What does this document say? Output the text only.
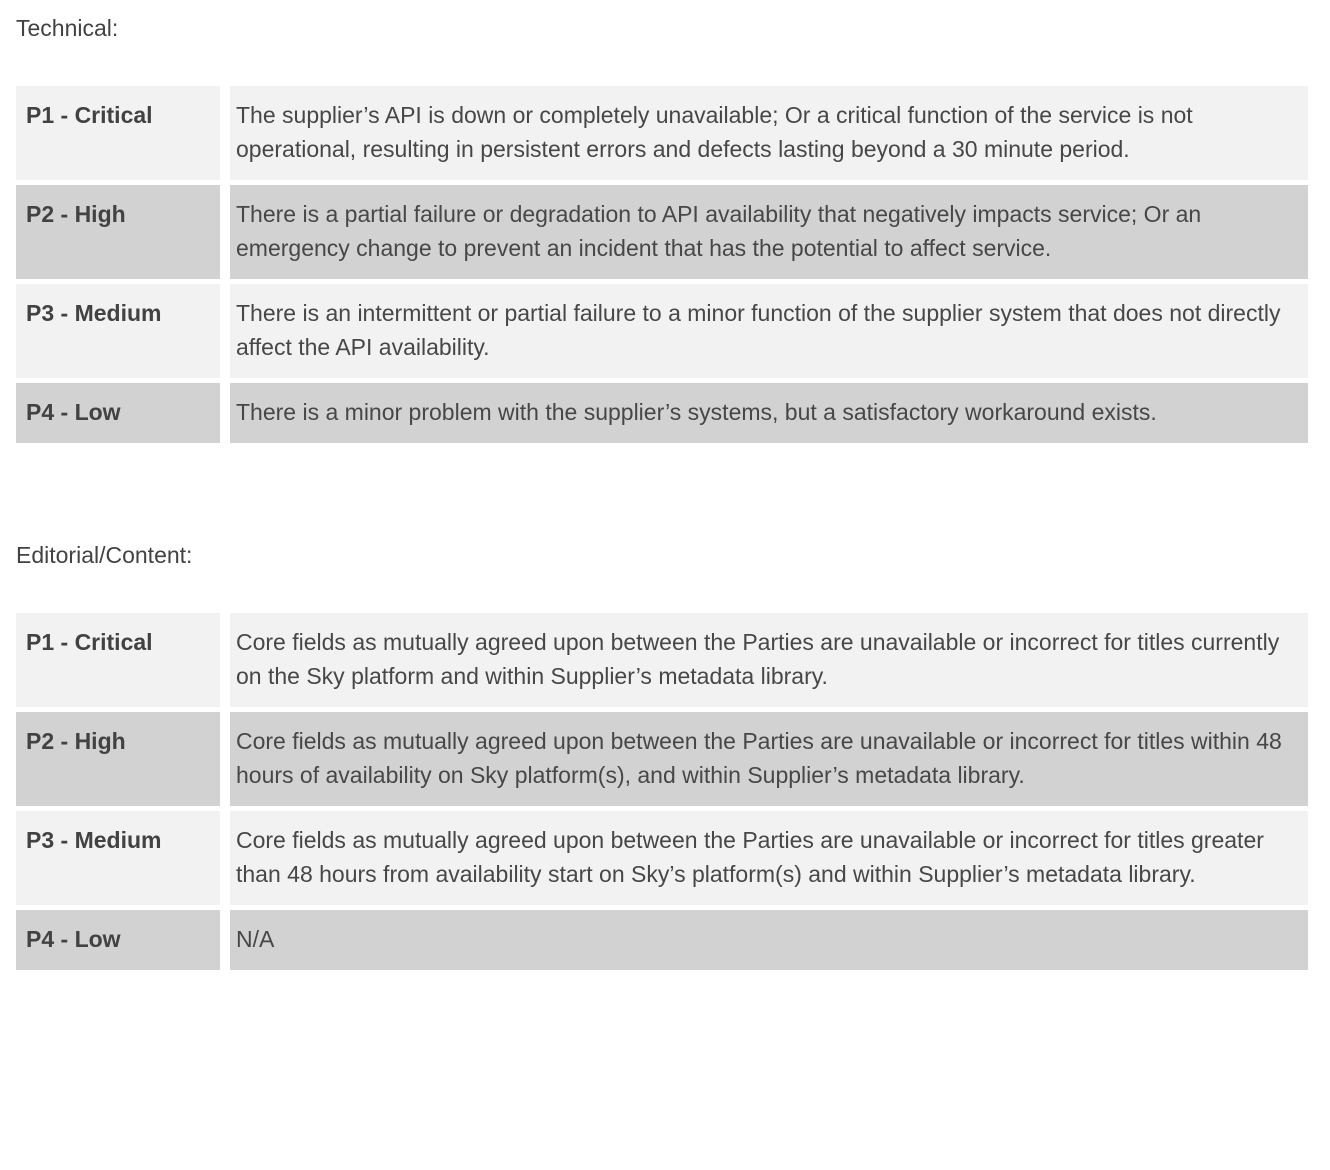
Technical:
P1 - Critical	The supplier’s API is down or completely unavailable; Or a critical function of the service is not operational, resulting in persistent errors and defects lasting beyond a 30 minute period.
P2 - High	There is a partial failure or degradation to API availability that negatively impacts service; Or an emergency change to prevent an incident that has the potential to affect service.
P3 - Medium	There is an intermittent or partial failure to a minor function of the supplier system that does not directly affect the API availability.
P4 - Low	There is a minor problem with the supplier’s systems, but a satisfactory workaround exists.
Editorial/Content:
P1 - Critical	Core fields as mutually agreed upon between the Parties are unavailable or incorrect for titles currently on the Sky platform and within Supplier’s metadata library.
P2 - High	Core fields as mutually agreed upon between the Parties are unavailable or incorrect for titles within 48 hours of availability on Sky platform(s), and within Supplier’s metadata library.
P3 - Medium	Core fields as mutually agreed upon between the Parties are unavailable or incorrect for titles greater than 48 hours from availability start on Sky’s platform(s) and within Supplier’s metadata library.
P4 - Low	N/A
